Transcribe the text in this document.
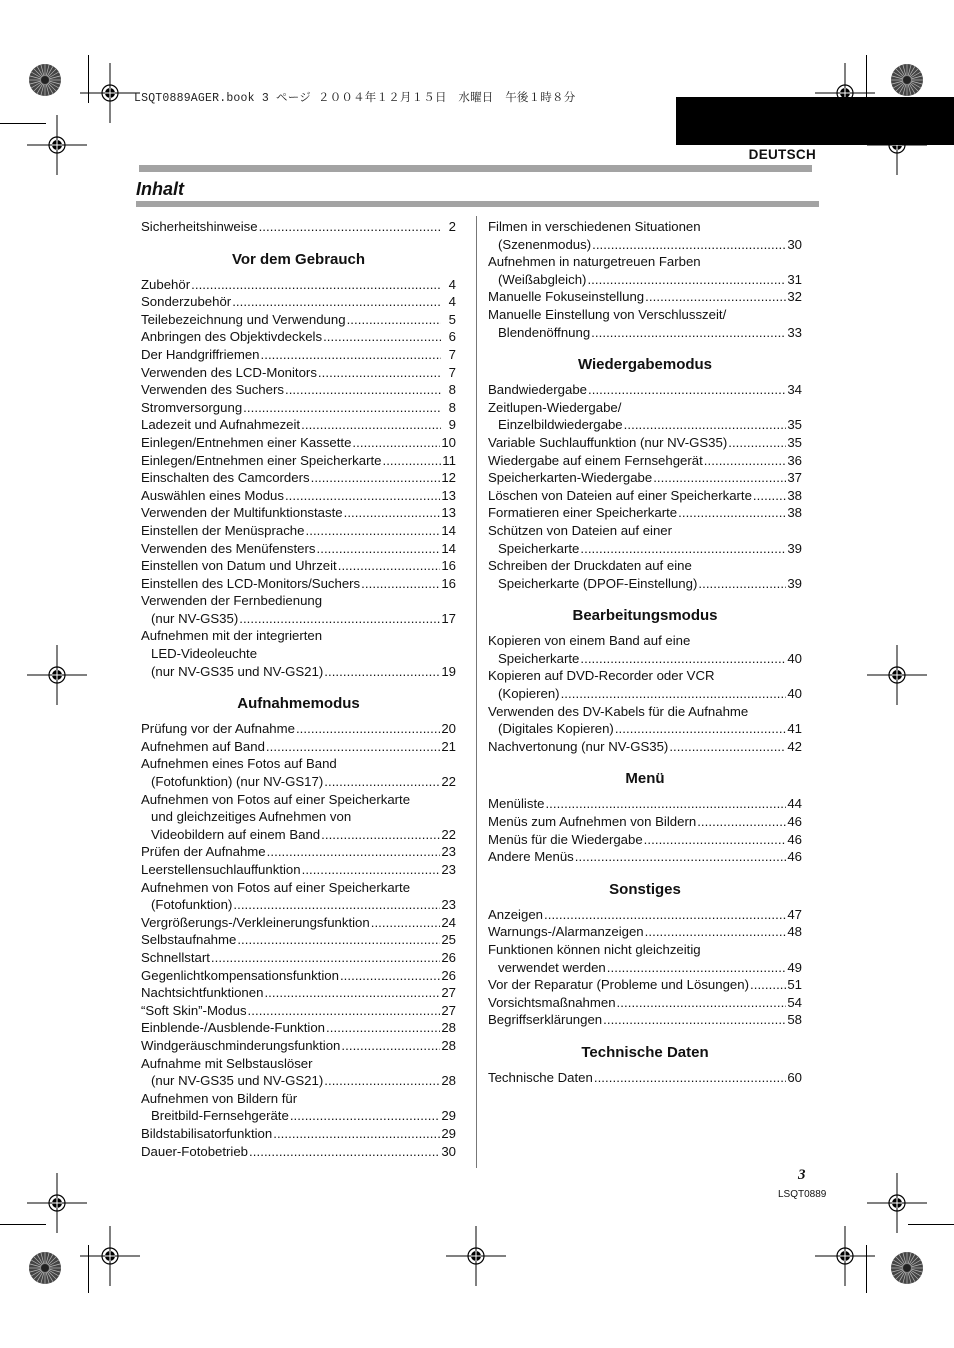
LSQT0889AGER.book 3 ページ ２００４年１２月１５日　水曜日　午後１時８分
DEUTSCH
Inhalt
Sicherheitshinweise . . .	2
Vor dem Gebrauch
Zubehör . . .	4
Sonderzubehör . . .	4
Teilebezeichnung und Verwendung . . .	5
Anbringen des Objektivdeckels . . .	6
Der Handgriffriemen . . .	7
Verwenden des LCD-Monitors . . .	7
Verwenden des Suchers . . .	8
Stromversorgung . . .	8
Ladezeit und Aufnahmezeit . . .	9
Einlegen/Entnehmen einer Kassette . . .	10
Einlegen/Entnehmen einer Speicherkarte . . .	11
Einschalten des Camcorders . . .	12
Auswählen eines Modus . . .	13
Verwenden der Multifunktionstaste . . .	13
Einstellen der Menüsprache . . .	14
Verwenden des Menüfensters . . .	14
Einstellen von Datum und Uhrzeit . . .	16
Einstellen des LCD-Monitors/Suchers . . .	16
Verwenden der Fernbedienung
(nur NV-GS35) . . .	17
Aufnehmen mit der integrierten
LED-Videoleuchte
(nur NV-GS35 und NV-GS21) . . .	19
Aufnahmemodus
Prüfung vor der Aufnahme . . .	20
Aufnehmen auf Band . . .	21
Aufnehmen eines Fotos auf Band
(Fotofunktion) (nur NV-GS17) . . .	22
Aufnehmen von Fotos auf einer Speicherkarte
und gleichzeitiges Aufnehmen von
Videobildern auf einem Band . . .	22
Prüfen der Aufnahme . . .	23
Leerstellensuchlauffunktion . . .	23
Aufnehmen von Fotos auf einer Speicherkarte
(Fotofunktion) . . .	23
Vergrößerungs-/Verkleinerungsfunktion . . .	24
Selbstaufnahme . . .	25
Schnellstart . . .	26
Gegenlichtkompensationsfunktion . . .	26
Nachtsichtfunktionen . . .	27
“Soft Skin”-Modus . . .	27
Einblende-/Ausblende-Funktion . . .	28
Windgeräuschminderungsfunktion . . .	28
Aufnahme mit Selbstauslöser
(nur NV-GS35 und NV-GS21) . . .	28
Aufnehmen von Bildern für
Breitbild-Fernsehgeräte . . .	29
Bildstabilisatorfunktion . . .	29
Dauer-Fotobetrieb . . .	30
Filmen in verschiedenen Situationen
(Szenenmodus) . . .	30
Aufnehmen in naturgetreuen Farben
(Weißabgleich) . . .	31
Manuelle Fokuseinstellung . . .	32
Manuelle Einstellung von Verschlusszeit/
Blendenöffnung . . .	33
Wiedergabemodus
Bandwiedergabe . . .	34
Zeitlupen-Wiedergabe/
Einzelbildwiedergabe . . .	35
Variable Suchlauffunktion (nur NV-GS35) . . .	35
Wiedergabe auf einem Fernsehgerät . . .	36
Speicherkarten-Wiedergabe . . .	37
Löschen von Dateien auf einer Speicherkarte . . .	38
Formatieren einer Speicherkarte . . .	38
Schützen von Dateien auf einer
Speicherkarte . . .	39
Schreiben der Druckdaten auf eine
Speicherkarte (DPOF-Einstellung) . . .	39
Bearbeitungsmodus
Kopieren von einem Band auf eine
Speicherkarte . . .	40
Kopieren auf DVD-Recorder oder VCR
(Kopieren) . . .	40
Verwenden des DV-Kabels für die Aufnahme
(Digitales Kopieren) . . .	41
Nachvertonung (nur NV-GS35) . . .	42
Menü
Menüliste . . .	44
Menüs zum Aufnehmen von Bildern . . .	46
Menüs für die Wiedergabe . . .	46
Andere Menüs . . .	46
Sonstiges
Anzeigen . . .	47
Warnungs-/Alarmanzeigen . . .	48
Funktionen können nicht gleichzeitig
verwendet werden . . .	49
Vor der Reparatur (Probleme und Lösungen) . . .	51
Vorsichtsmaßnahmen . . .	54
Begriffserklärungen . . .	58
Technische Daten
Technische Daten . . .	60
3
LSQT0889
